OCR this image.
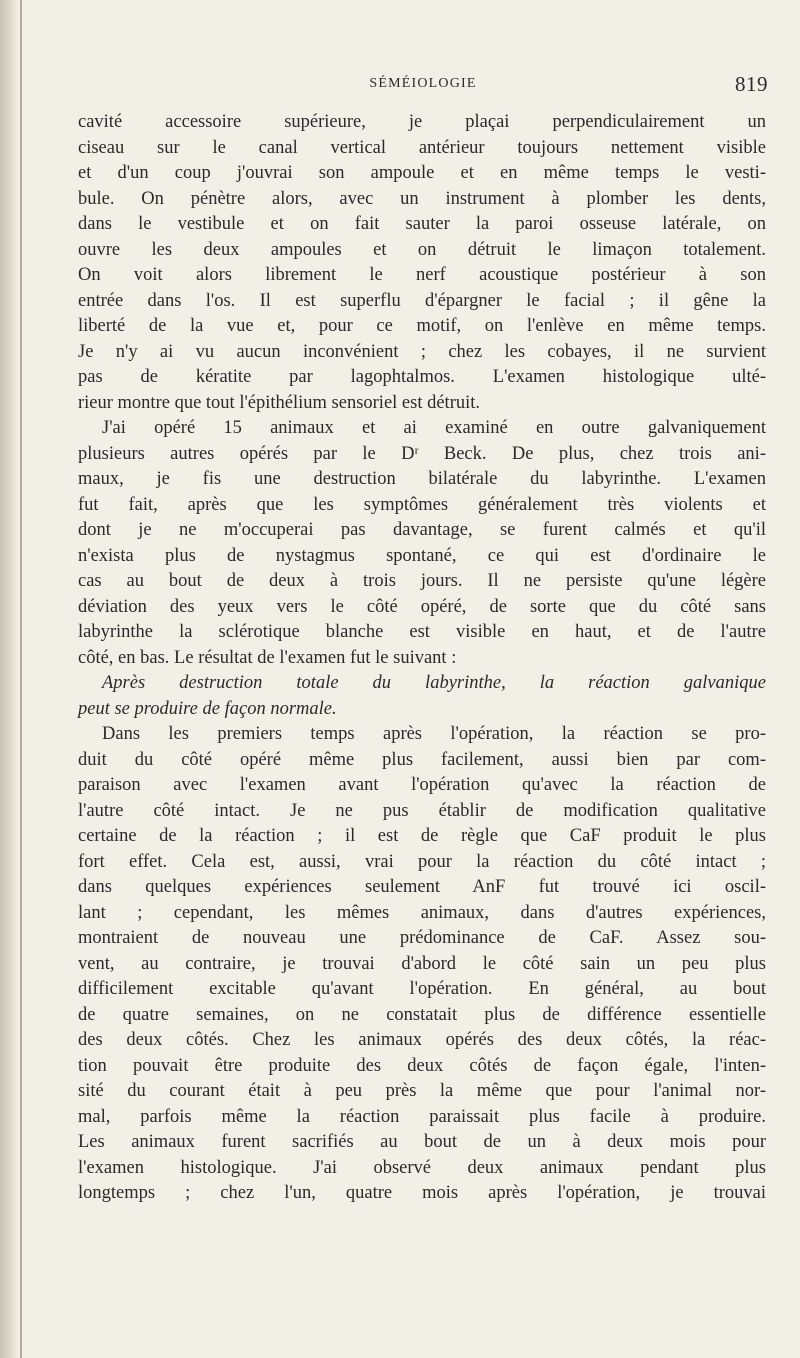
SÉMÉIOLOGIE	819
cavité accessoire supérieure, je plaçai perpendiculairement un
ciseau sur le canal vertical antérieur toujours nettement visible
et d'un coup j'ouvrai son ampoule et en même temps le vesti-
bule. On pénètre alors, avec un instrument à plomber les dents,
dans le vestibule et on fait sauter la paroi osseuse latérale, on
ouvre les deux ampoules et on détruit le limaçon totalement.
On voit alors librement le nerf acoustique postérieur à son
entrée dans l'os. Il est superflu d'épargner le facial ; il gêne la
liberté de la vue et, pour ce motif, on l'enlève en même temps.
Je n'y ai vu aucun inconvénient ; chez les cobayes, il ne survient
pas de kératite par lagophtalmos. L'examen histologique ulté-
rieur montre que tout l'épithélium sensoriel est détruit.
J'ai opéré 15 animaux et ai examiné en outre galvaniquement
plusieurs autres opérés par le Dʳ Beck. De plus, chez trois ani-
maux, je fis une destruction bilatérale du labyrinthe. L'examen
fut fait, après que les symptômes généralement très violents et
dont je ne m'occuperai pas davantage, se furent calmés et qu'il
n'exista plus de nystagmus spontané, ce qui est d'ordinaire le
cas au bout de deux à trois jours. Il ne persiste qu'une légère
déviation des yeux vers le côté opéré, de sorte que du côté sans
labyrinthe la sclérotique blanche est visible en haut, et de l'autre
côté, en bas. Le résultat de l'examen fut le suivant :
Après destruction totale du labyrinthe, la réaction galvanique
peut se produire de façon normale.
Dans les premiers temps après l'opération, la réaction se pro-
duit du côté opéré même plus facilement, aussi bien par com-
paraison avec l'examen avant l'opération qu'avec la réaction de
l'autre côté intact. Je ne pus établir de modification qualitative
certaine de la réaction ; il est de règle que CaF produit le plus
fort effet. Cela est, aussi, vrai pour la réaction du côté intact ;
dans quelques expériences seulement AnF fut trouvé ici oscil-
lant ; cependant, les mêmes animaux, dans d'autres expériences,
montraient de nouveau une prédominance de CaF. Assez sou-
vent, au contraire, je trouvai d'abord le côté sain un peu plus
difficilement excitable qu'avant l'opération. En général, au bout
de quatre semaines, on ne constatait plus de différence essentielle
des deux côtés. Chez les animaux opérés des deux côtés, la réac-
tion pouvait être produite des deux côtés de façon égale, l'inten-
sité du courant était à peu près la même que pour l'animal nor-
mal, parfois même la réaction paraissait plus facile à produire.
Les animaux furent sacrifiés au bout de un à deux mois pour
l'examen histologique. J'ai observé deux animaux pendant plus
longtemps ; chez l'un, quatre mois après l'opération, je trouvai
